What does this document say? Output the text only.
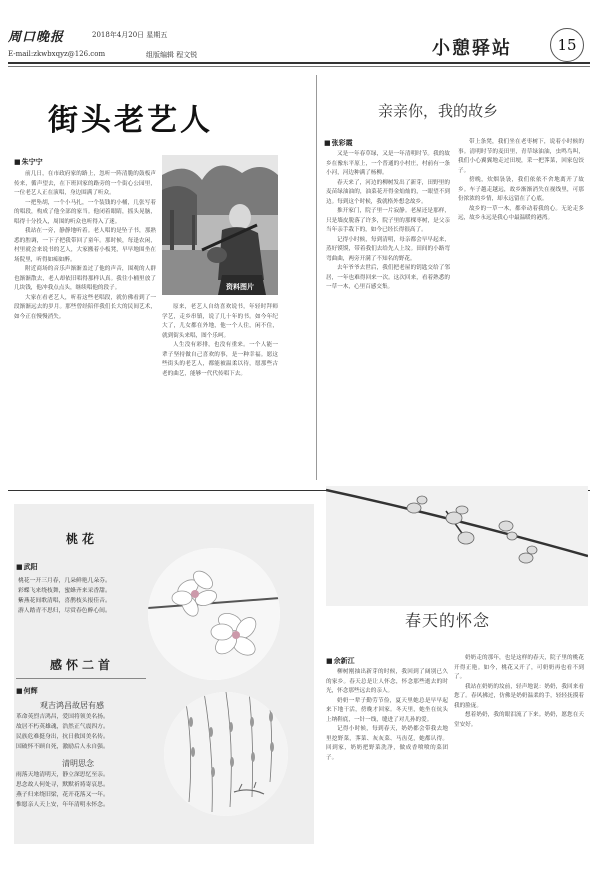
周口晚报	2018年4月20日 星期五
E-mail:zkwbxqyz@126.com	组版编辑 程文锐	小憩驿站	15
街头老艺人
■ 朱宁宁

前几日，在市政府家的路上，忽听一阵清脆的鼓板声传来，循声望去，在下班回家的路旁的一个街心公园里，一位老艺人正在演唱，身边围满了听众。

一把坠胡，一个小马扎，一个装钱的小桶，几张写着的唱段，构成了他全部的家当。他闭着眼睛，摇头晃脑，唱得十分投入，周围的听众也听得入了迷。

我站在一旁，静静地听着。老人唱的是坠子书，那熟悉的腔调，一下子把我带回了童年。那时候，每逢农闲，村里就会来说书的艺人，大家搬着小板凳，早早地围坐在场院里，听得如痴如醉。

附近商场的音乐声渐渐盖过了他的声音，围观的人群也渐渐散去，老人却依旧唱得那样认真。我往小桶里放了几块钱，他冲我点点头，继续唱他的段子。

大家在看老艺人，听着这些老唱段，就仿佛看到了一段渐渐远去的岁月。那些曾经陪伴我们长大的民间艺术，如今正在慢慢消失。

资料图片

原来，老艺人自幼喜欢说书，年轻时拜师学艺，走乡串镇，说了几十年的书。如今年纪大了，儿女都在外地，他一个人住，闲不住，就到街头来唱，图个乐呵。

人生没有彩排，也没有重来。一个人能一辈子坚持做自己喜欢的事，是一种幸福。愿这些街头的老艺人，都能被温柔以待，愿那些古老的曲艺，能够一代代传唱下去。

亲亲你，我的故乡
■ 张彩霞

又是一年春草绿，又是一年清明时节。我的故乡在豫东平原上，一个普通的小村庄，村前有一条小河，河边种满了杨柳。

春天来了，河边的柳树发出了新芽，田野里的麦苗绿油油的，油菜花开得金灿灿的，一眼望不到边。每到这个时候，我就格外想念故乡。

推开家门，院子里一片寂静。老屋还是那样，只是墙皮脱落了许多，院子里的那棵枣树，是父亲当年亲手栽下的，如今已经长得很高了。

记得小时候，每到清明，母亲都会早早起来，蒸好馍馍，带着我们去给先人上坟。田间的小路弯弯曲曲，两旁开满了不知名的野花。

去年爷爷去世后，我们把老屋的钥匙交给了邻居，一年也难得回来一次。这次回来，看着熟悉的一草一木，心里百感交集。

带上条凳，我们坐在老枣树下，说着小时候的事。清明时节的麦田里，青草绿油油，虫鸣鸟叫，我们小心翼翼地走过田埂，采一把荠菜，回家包饺子。

傍晚，炊烟袅袅，我们依依不舍地离开了故乡。车子越走越远，故乡渐渐消失在视线里，可那份浓浓的乡情，却永远留在了心底。

故乡的一草一木，都牵动着我的心。无论走多远，故乡永远是我心中最温暖的港湾。

桃花
■ 武阳
桃花一开三月春，几朵鲜艳几朵芬。
彩蝶飞来绕枝舞，蜜蜂齐来采香甜。
紫燕花间歌清唱，喜鹊枝头报佳音。
游人踏青不思归，尽赏春色醉心间。
感怀二首
■ 何辉
观吉鸿昌故居有感
革命英烈吉鸿昌，爱国将领美名扬。
故居不朽英雄魂，浩然正气震四方。
民族危难挺身出，抗日救国美名传。
国破怀不顾自死，激励后人永自强。
清明思念
雨落天地清明天，静立深思忆至亲。
思念故人何处寻，默默祈祷寄哀思。
燕子归来绕旧梁，花开花落又一年。
惟愿亲人天上安，年年清明永怀念。
春天的怀念
■ 余新江

柳树刚抽出新芽的时候，我回到了阔别已久的家乡。春天总是让人怀念，怀念那些逝去的时光，怀念那些远去的亲人。

奶奶一辈子勤劳节俭，夏天里她总是早早起来下地干活，傍晚才回家。冬天里，她坐在炕头上纳鞋底，一针一线，缝进了对儿孙的爱。

记得小时候，每到春天，奶奶都会带我去地里挖野菜，荠菜、灰灰菜、马齿苋，她都认得。回到家，奶奶把野菜洗净，做成香喷喷的菜团子。

奶奶走的那年，也是这样的春天，院子里的桃花开得正艳。如今，桃花又开了，可奶奶再也看不到了。

我站在奶奶的坟前，轻声地说：奶奶，我回来看您了。春风拂过，仿佛是奶奶温柔的手，轻轻抚摸着我的脸庞。

想着奶奶，我的眼泪流了下来。奶奶，愿您在天堂安好。
